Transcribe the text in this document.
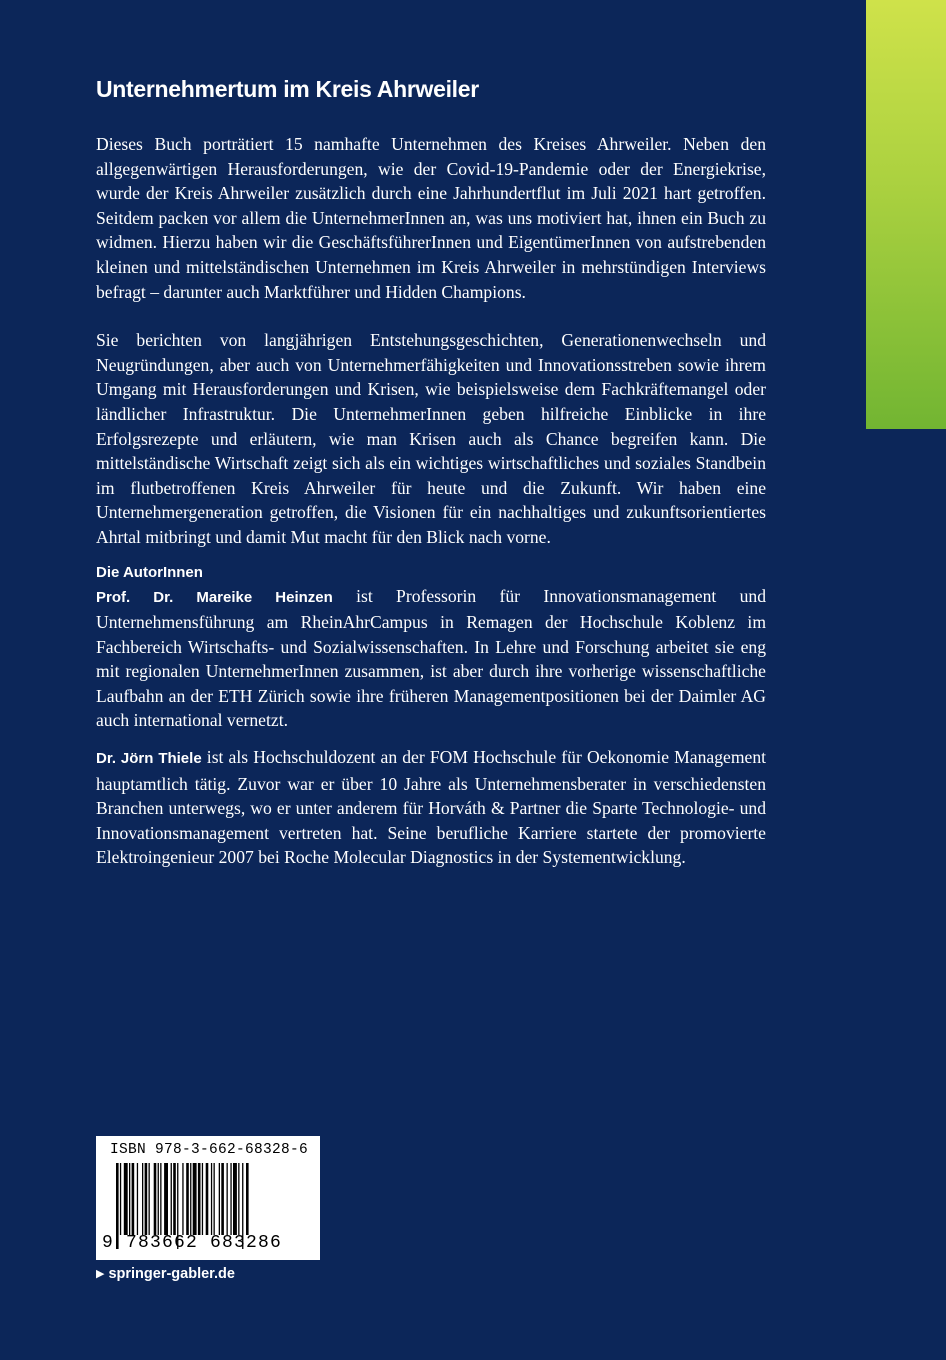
Unternehmertum im Kreis Ahrweiler

Dieses Buch porträtiert 15 namhafte Unternehmen des Kreises Ahrweiler. Neben den allgegenwärtigen Herausforderungen, wie der Covid-19-Pandemie oder der Energiekrise, wurde der Kreis Ahrweiler zusätzlich durch eine Jahrhundertflut im Juli 2021 hart getroffen. Seitdem packen vor allem die UnternehmerInnen an, was uns motiviert hat, ihnen ein Buch zu widmen. Hierzu haben wir die GeschäftsführerInnen und EigentümerInnen von aufstrebenden kleinen und mittelständischen Unternehmen im Kreis Ahrweiler in mehrstündigen Interviews befragt – darunter auch Marktführer und Hidden Champions.

Sie berichten von langjährigen Entstehungsgeschichten, Generationenwechseln und Neugründungen, aber auch von Unternehmerfähigkeiten und Innovationsstreben sowie ihrem Umgang mit Herausforderungen und Krisen, wie beispielsweise dem Fachkräftemangel oder ländlicher Infrastruktur. Die UnternehmerInnen geben hilfreiche Einblicke in ihre Erfolgsrezepte und erläutern, wie man Krisen auch als Chance begreifen kann. Die mittelständische Wirtschaft zeigt sich als ein wichtiges wirtschaftliches und soziales Standbein im flutbetroffenen Kreis Ahrweiler für heute und die Zukunft. Wir haben eine Unternehmergeneration getroffen, die Visionen für ein nachhaltiges und zukunftsorientiertes Ahrtal mitbringt und damit Mut macht für den Blick nach vorne.

Die AutorInnen

Prof. Dr. Mareike Heinzen ist Professorin für Innovationsmanagement und Unternehmensführung am RheinAhrCampus in Remagen der Hochschule Koblenz im Fachbereich Wirtschafts- und Sozialwissenschaften. In Lehre und Forschung arbeitet sie eng mit regionalen UnternehmerInnen zusammen, ist aber durch ihre vorherige wissenschaftliche Laufbahn an der ETH Zürich sowie ihre früheren Managementpositionen bei der Daimler AG auch international vernetzt.

Dr. Jörn Thiele ist als Hochschuldozent an der FOM Hochschule für Oekonomie Management hauptamtlich tätig. Zuvor war er über 10 Jahre als Unternehmensberater in verschiedensten Branchen unterwegs, wo er unter anderem für Horváth & Partner die Sparte Technologie- und Innovationsmanagement vertreten hat. Seine berufliche Karriere startete der promovierte Elektroingenieur 2007 bei Roche Molecular Diagnostics in der Systementwicklung.

ISBN 978-3-662-68328-6
9 783662 683286
▶ springer-gabler.de
